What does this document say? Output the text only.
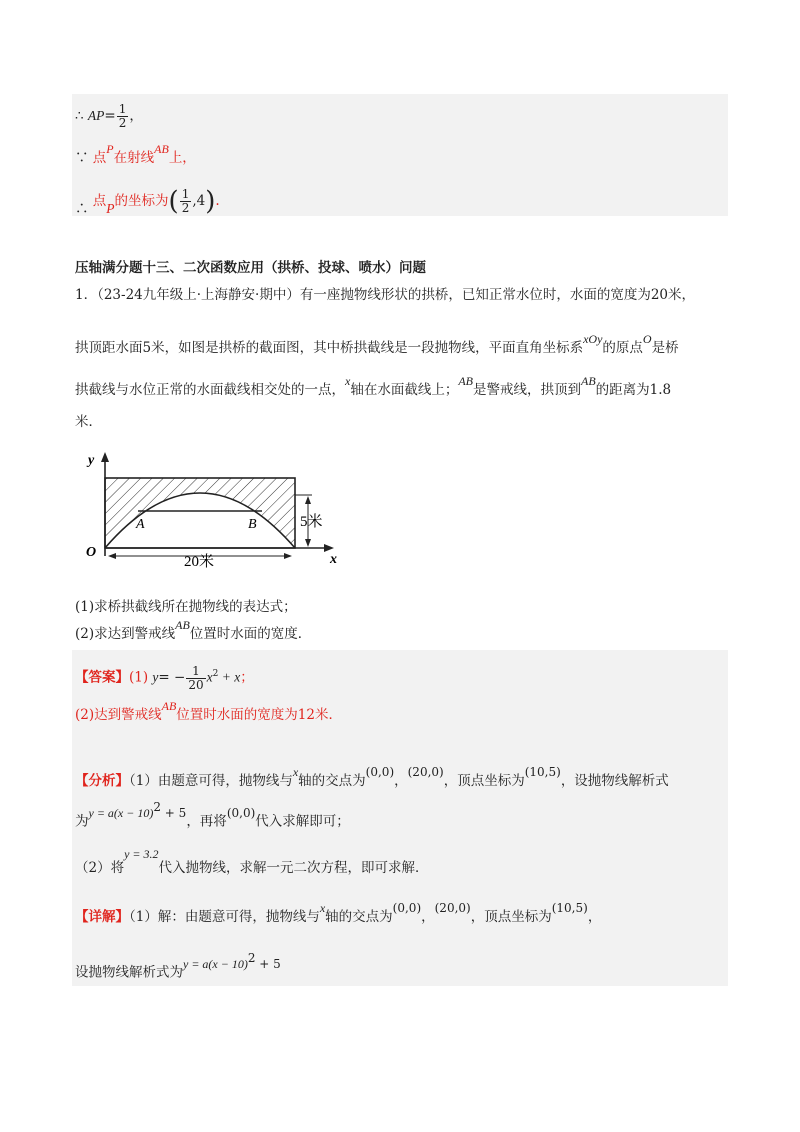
∴ $AP= \frac{1}{2}$ ，
∵ 点P在射线AB上，
∴ 点P的坐标为( $\frac{1}{2} ,4$).
压轴满分题十三、二次函数应用（拱桥、投球、喷水）问题
1．（23-24九年级上·上海静安·期中）有一座抛物线形状的拱桥，已知正常水位时，水面的宽度为20米，
拱顶距水面5米，如图是拱桥的截面图，其中桥拱截线是一段抛物线，平面直角坐标系xOy的原点O是桥
拱截线与水位正常的水面截线相交处的一点，x轴在水面截线上；AB是警戒线，拱顶到AB的距离为1.8
米．
y
x
O
A	B
20米
5米
(1)求桥拱截线所在抛物线的表达式；
(2)求达到警戒线AB位置时水面的宽度．
【答案】(1) $y= - \frac{1}{20} x^2 + x$；
(2)达到警戒线AB位置时水面的宽度为12米．
【分析】（1）由题意可得，抛物线与x轴的交点为(0,0)，(20,0)，顶点坐标为(10,5)，设抛物线解析式
为y = a(x − 10)2 + 5，再将(0,0)代入求解即可；
（2）将y = 3.2代入抛物线，求解一元二次方程，即可求解．
【详解】（1）解：由题意可得，抛物线与x轴的交点为(0,0)，(20,0)，顶点坐标为(10,5)，
设抛物线解析式为y = a(x − 10)2 + 5
